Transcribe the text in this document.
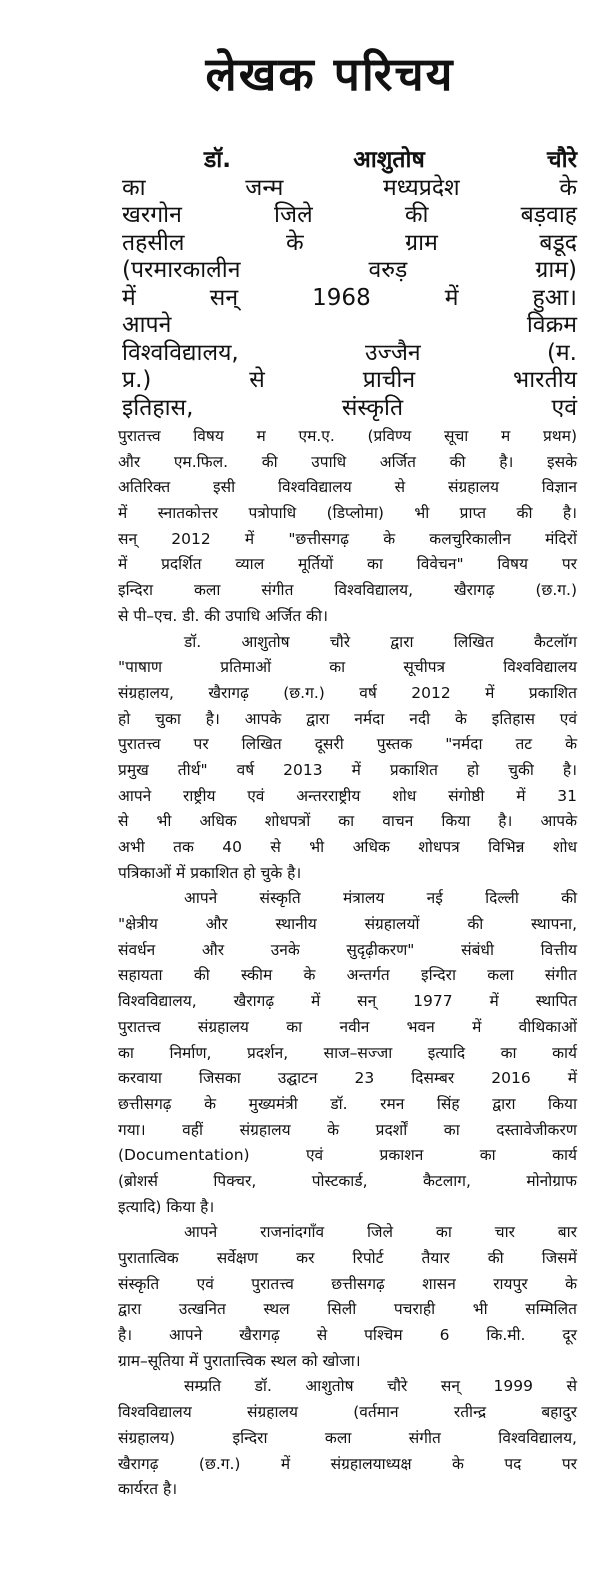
लेखक परिचय
डॉ. आशुतोष चौरे
का जन्म मध्यप्रदेश के
खरगोन जिले की बड़वाह
तहसील के ग्राम बडूद
(परमारकालीन वरुड़ ग्राम)
में सन् 1968 में हुआ।
आपने विक्रम
विश्वविद्यालय, उज्जैन (म.
प्र.) से प्राचीन भारतीय
इतिहास, संस्कृति एवं
पुरातत्त्व विषय म एम.ए. (प्रविण्य सूचा म प्रथम)
और एम.फिल. की उपाधि अर्जित की है। इसके
अतिरिक्त इसी विश्वविद्यालय से संग्रहालय विज्ञान
में स्नातकोत्तर पत्रोपाधि (डिप्लोमा) भी प्राप्त की है।
सन् 2012 में "छत्तीसगढ़ के कलचुरिकालीन मंदिरों
में प्रदर्शित व्याल मूर्तियों का विवेचन" विषय पर
इन्दिरा कला संगीत विश्वविद्यालय, खैरागढ़ (छ.ग.)
से पी–एच. डी. की उपाधि अर्जित की।
डॉ. आशुतोष चौरे द्वारा लिखित कैटलॉग
"पाषाण प्रतिमाओं का सूचीपत्र विश्वविद्यालय
संग्रहालय, खैरागढ़ (छ.ग.) वर्ष 2012 में प्रकाशित
हो चुका है। आपके द्वारा नर्मदा नदी के इतिहास एवं
पुरातत्त्व पर लिखित दूसरी पुस्तक "नर्मदा तट के
प्रमुख तीर्थ" वर्ष 2013 में प्रकाशित हो चुकी है।
आपने राष्ट्रीय एवं अन्तरराष्ट्रीय शोध संगोष्ठी में 31
से भी अधिक शोधपत्रों का वाचन किया है। आपके
अभी तक 40 से भी अधिक शोधपत्र विभिन्न शोध
पत्रिकाओं में प्रकाशित हो चुके है।
आपने संस्कृति मंत्रालय नई दिल्ली की
"क्षेत्रीय और स्थानीय संग्रहालयों की स्थापना,
संवर्धन और उनके सुदृढ़ीकरण" संबंधी वित्तीय
सहायता की स्कीम के अन्तर्गत इन्दिरा कला संगीत
विश्वविद्यालय, खैरागढ़ में सन् 1977 में स्थापित
पुरातत्त्व संग्रहालय का नवीन भवन में वीथिकाओं
का निर्माण, प्रदर्शन, साज–सज्जा इत्यादि का कार्य
करवाया जिसका उद्घाटन 23 दिसम्बर 2016 में
छत्तीसगढ़ के मुख्यमंत्री डॉ. रमन सिंह द्वारा किया
गया। वहीं संग्रहालय के प्रदर्शों का दस्तावेजीकरण
(Documentation) एवं प्रकाशन का कार्य
(ब्रोशर्स पिक्चर, पोस्टकार्ड, कैटलाग, मोनोग्राफ
इत्यादि) किया है।
आपने राजनांदगाँव जिले का चार बार
पुरातात्विक सर्वेक्षण कर रिपोर्ट तैयार की जिसमें
संस्कृति एवं पुरातत्त्व छत्तीसगढ़ शासन रायपुर के
द्वारा उत्खनित स्थल सिली पचराही भी सम्मिलित
है। आपने खैरागढ़ से पश्चिम 6 कि.मी. दूर
ग्राम–सूतिया में पुरातात्त्विक स्थल को खोजा।
सम्प्रति डॉ. आशुतोष चौरे सन् 1999 से
विश्वविद्यालय संग्रहालय (वर्तमान रतीन्द्र बहादुर
संग्रहालय) इन्दिरा कला संगीत विश्वविद्यालय,
खैरागढ़ (छ.ग.) में संग्रहालयाध्यक्ष के पद पर
कार्यरत है।
